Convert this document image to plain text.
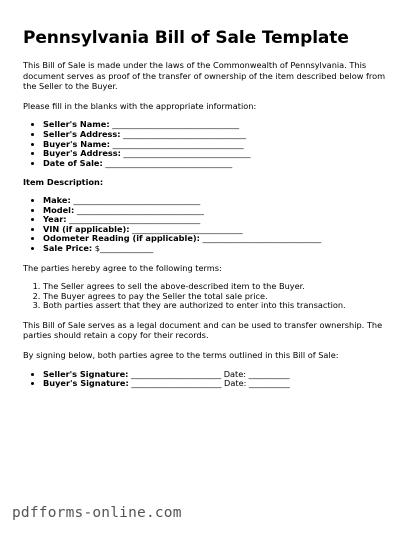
Pennsylvania Bill of Sale Template

This Bill of Sale is made under the laws of the Commonwealth of Pennsylvania. This document serves as proof of the transfer of ownership of the item described below from the Seller to the Buyer.

Please fill in the blanks with the appropriate information:

• Seller's Name: _______________________________
• Seller's Address: ______________________________
• Buyer's Name: ________________________________
• Buyer's Address: _______________________________
• Date of Sale: _______________________________

Item Description:

• Make: _______________________________
• Model: _______________________________
• Year: ________________________________
• VIN (if applicable): ___________________________
• Odometer Reading (if applicable): _____________________________
• Sale Price: $_____________

The parties hereby agree to the following terms:

1. The Seller agrees to sell the above-described item to the Buyer.
2. The Buyer agrees to pay the Seller the total sale price.
3. Both parties assert that they are authorized to enter into this transaction.

This Bill of Sale serves as a legal document and can be used to transfer ownership. The parties should retain a copy for their records.

By signing below, both parties agree to the terms outlined in this Bill of Sale:

• Seller's Signature: ______________________ Date: __________
• Buyer's Signature: ______________________ Date: __________
pdfforms-online.com
